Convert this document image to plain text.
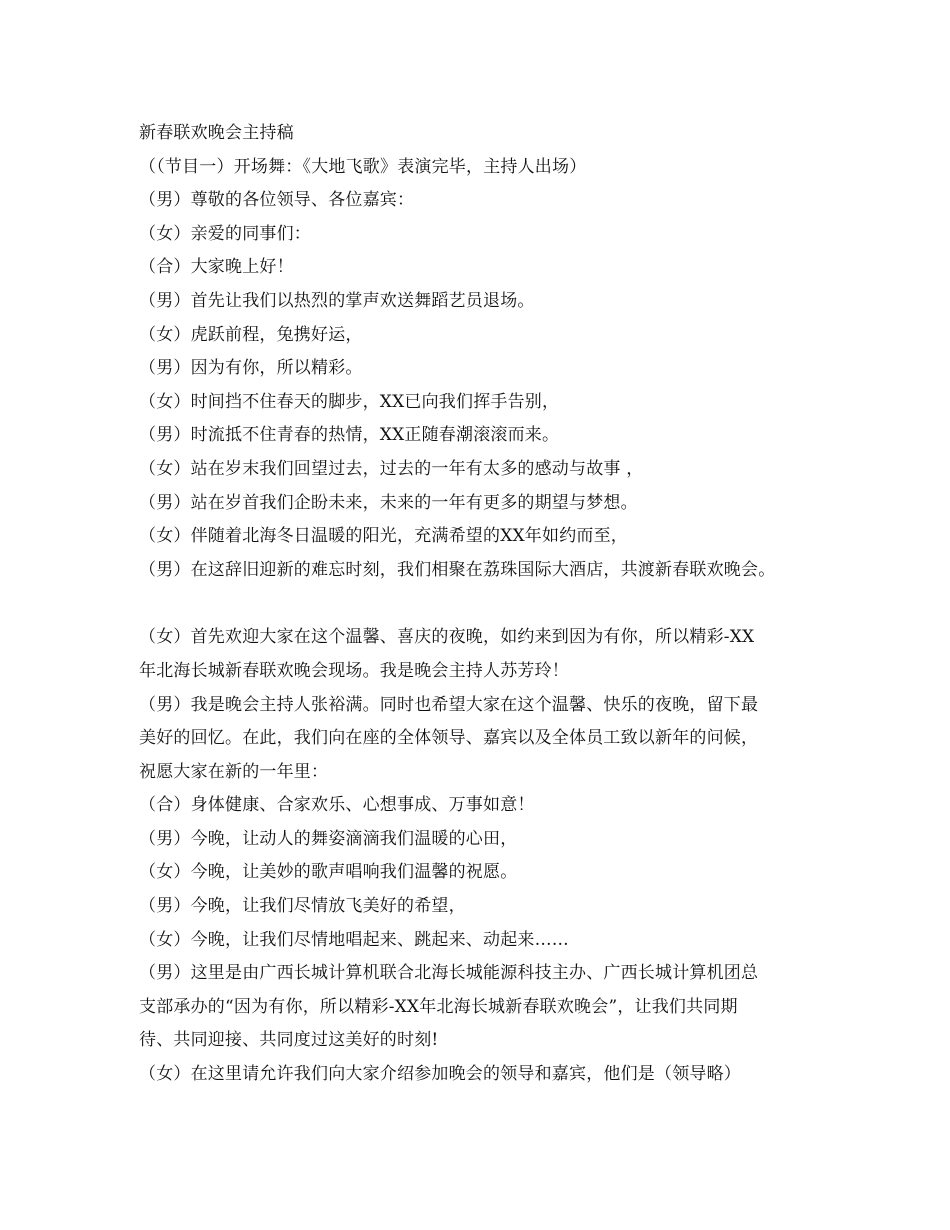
新春联欢晚会主持稿

（（节目一）开场舞：《大地飞歌》表演完毕，主持人出场）

（男）尊敬的各位领导、各位嘉宾：

（女）亲爱的同事们：

（合）大家晚上好！

（男）首先让我们以热烈的掌声欢送舞蹈艺员退场。

（女）虎跃前程，兔携好运，

（男）因为有你，所以精彩。

（女）时间挡不住春天的脚步，XX已向我们挥手告别，

（男）时流抵不住青春的热情，XX正随春潮滚滚而来。

（女）站在岁末我们回望过去，过去的一年有太多的感动与故事 ，

（男）站在岁首我们企盼未来，未来的一年有更多的期望与梦想。

（女）伴随着北海冬日温暖的阳光，充满希望的XX年如约而至，

（男）在这辞旧迎新的难忘时刻，我们相聚在荔珠国际大酒店，共渡新春联欢晚会。

（女）首先欢迎大家在这个温馨、喜庆的夜晚，如约来到因为有你，所以精彩-XX

年北海长城新春联欢晚会现场。我是晚会主持人苏芳玲！

（男）我是晚会主持人张裕满。同时也希望大家在这个温馨、快乐的夜晚，留下最

美好的回忆。在此，我们向在座的全体领导、嘉宾以及全体员工致以新年的问候，

祝愿大家在新的一年里：

（合）身体健康、合家欢乐、心想事成、万事如意！

（男）今晚，让动人的舞姿滴滴我们温暖的心田，

（女）今晚，让美妙的歌声唱响我们温馨的祝愿。

（男）今晚，让我们尽情放飞美好的希望，

（女）今晚，让我们尽情地唱起来、跳起来、动起来……

（男）这里是由广西长城计算机联合北海长城能源科技主办、广西长城计算机团总

支部承办的“因为有你，所以精彩-XX年北海长城新春联欢晚会”，让我们共同期

待、共同迎接、共同度过这美好的时刻!

（女）在这里请允许我们向大家介绍参加晚会的领导和嘉宾，他们是（领导略）
